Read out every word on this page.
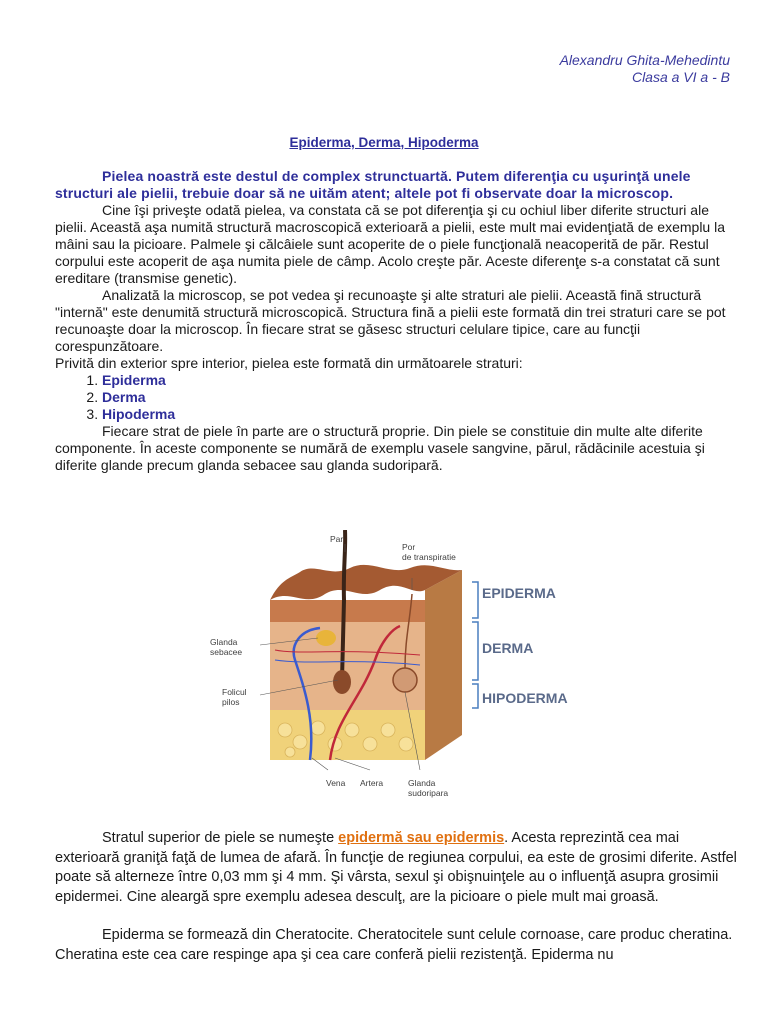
Alexandru Ghita-Mehedintu
Clasa a VI a - B
Epiderma, Derma, Hipoderma

Pielea noastră este destul de complex strunctuartă. Putem diferenţia cu uşurinţă unele structuri ale pielii, trebuie doar să ne uităm atent; altele pot fi observate doar la microscop.

Cine îşi priveşte odată pielea, va constata că se pot diferenţia şi cu ochiul liber diferite structuri ale pielii. Această aşa numită structură macroscopică exterioară a pielii, este mult mai evidenţiată de exemplu la mâini sau la picioare. Palmele şi călcâiele sunt acoperite de o piele funcţională neacoperită de păr. Restul corpului este acoperit de aşa numita piele de câmp. Acolo creşte păr. Aceste diferenţe s-a constatat că sunt ereditare (transmise genetic).

Analizată la microscop, se pot vedea şi recunoaşte şi alte straturi ale pielii. Această fină structură "internă" este denumită structură microscopică. Structura fină a pielii este formată din trei straturi care se pot recunoaşte doar la microscop. În fiecare strat se găsesc structuri celulare tipice, care au funcţii corespunzătoare.

Privită din exterior spre interior, pielea este formată din următoarele straturi:

1. Epiderma
2. Derma
3. Hipoderma

Fiecare strat de piele în parte are o structură proprie. Din piele se constituie din multe alte diferite componente. În aceste componente se numără de exemplu vasele sangvine, părul, rădăcinile acestuia şi diferite glande precum glanda sebacee sau glanda sudoripară.

Par
Por
de transpiratie
Glanda
sebacee
Folicul
pilos
Vena Artera	Glanda
sudoripara
EPIDERMA
DERMA
HIPODERMA

Stratul superior de piele se numeşte epidermă sau epidermis. Acesta reprezintă cea mai exterioară graniţă faţă de lumea de afară. În funcţie de regiunea corpului, ea este de grosimi diferite. Astfel poate să alterneze între 0,03 mm şi 4 mm. Şi vârsta, sexul şi obişnuinţele au o influenţă asupra grosimii epidermei. Cine aleargă spre exemplu adesea desculţ, are la picioare o piele mult mai groasă.

Epiderma se formează din Cheratocite. Cheratocitele sunt celule cornoase, care produc cheratina. Cheratina este cea care respinge apa şi cea care conferă pielii rezistenţă. Epiderma nu
